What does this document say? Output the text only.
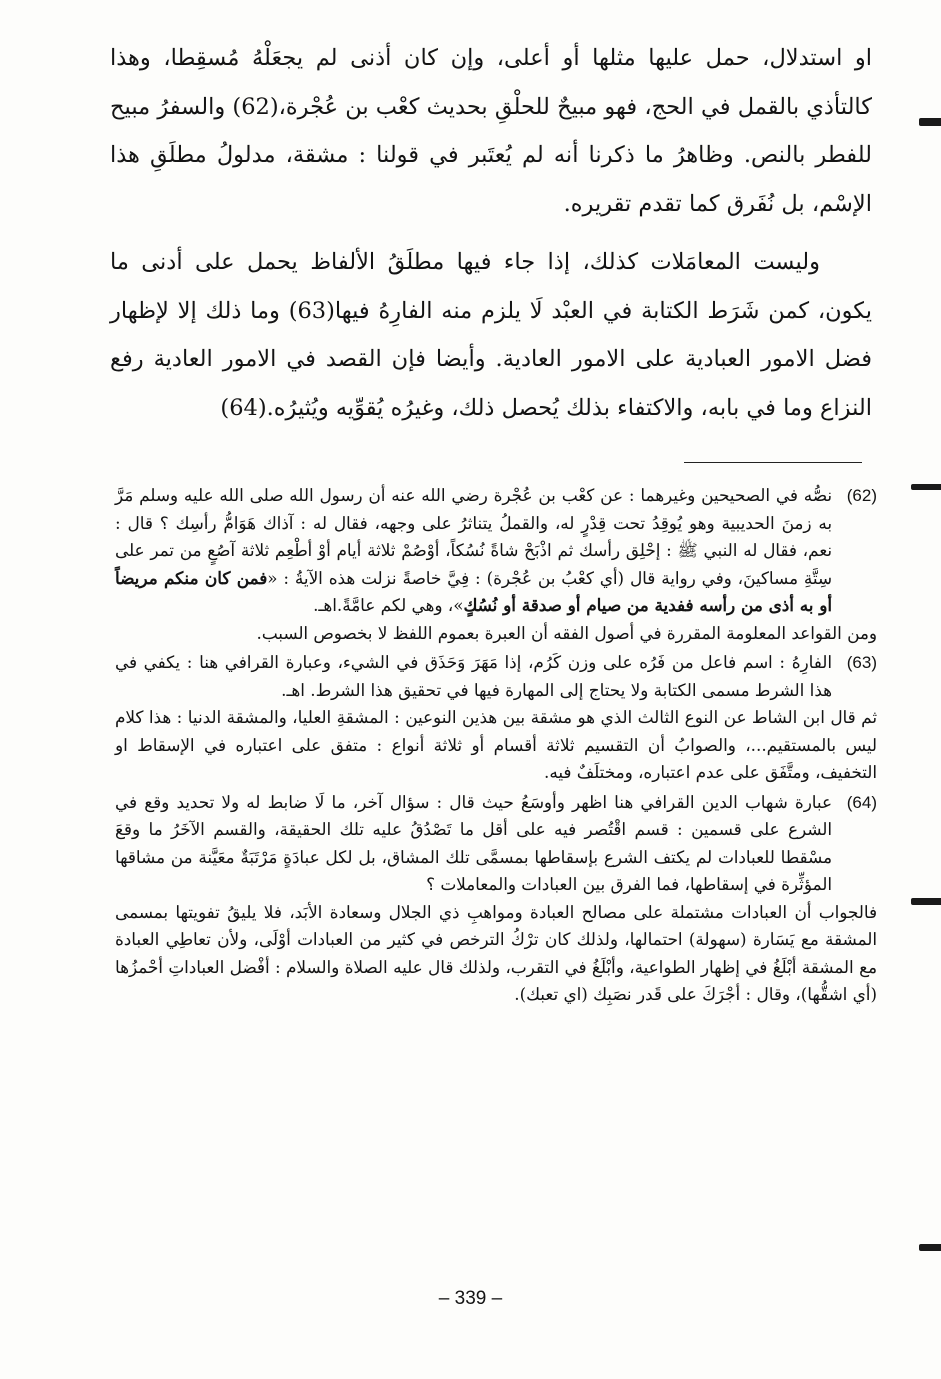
او استدلال، حمل عليها مثلها أو أعلى، وإن كان أذنى لم يجعَلْهُ مُسقِطا، وهذا كالتأذي بالقمل في الحج، فهو مبيحٌ للحلْقِ بحديث كعْب بن عُجْرة،(62) والسفرُ مبيح للفطر بالنص. وظاهرُ ما ذكرنا أنه لم يُعتَبر في قولنا : مشقة، مدلولُ مطلَقِ هذا الإسْم، بل نُفَرق كما تقدم تقريره.

وليست المعامَلات كذلك، إذا جاء فيها مطلَقُ الألفاظ يحمل على أدنى ما يكون، كمن شَرَط الكتابة في العبْد لَا يلزم منه الفارِهُ فيها(63) وما ذلك إلا لإظهار فضل الامور العبادية على الامور العادية. وأيضا فإن القصد في الامور العادية رفع النزاع وما في بابه، والاكتفاء بذلك يُحصل ذلك، وغيرُه يُقوِّيه ويُثيرُه.(64)

(62)

نصُّه في الصحيحين وغيرهما : عن كعْب بن عُجْرة رضي الله عنه أن رسول الله صلى الله عليه وسلم مَرَّ به زمنَ الحديبية وهو يُوقِدُ تحت قِدْرٍ له، والقملُ يتناثرُ على وجهه، فقال له : آذاك هَوَامُّ رأسِك ؟ قال : نعم، فقال له النبي ﷺ : إحْلِق رأسك ثم اذْبَحْ شاةً نُسُكاً، أوْصُمْ ثلاثة أيام أوْ أطْعِم ثلاثة آصُعٍ من تمر على سِتَّةِ مساكينَ، وفي رواية قال (أي كعْبُ بن عُجْرة) : فِيَّ خاصةً نزلت هذه الآيةُ : «فمن كان منكم مريضاً أو به أذى من رأسه ففدية من صيام أو صدقة أو نُسُكٍ»، وهي لكم عامَّةً.اهـ.

ومن القواعد المعلومة المقررة في أصول الفقه أن العبرة بعموم اللفظ لا بخصوص السبب.

(63)

الفارِهُ : اسم فاعل من فَرُه على وزن كَرُم، إذا مَهَرَ وَحَذَق في الشيء، وعبارة القرافي هنا : يكفي في هذا الشرط مسمى الكتابة ولا يحتاج إلى المهارة فيها في تحقيق هذا الشرط. اهـ.

ثم قال ابن الشاط عن النوع الثالث الذي هو مشقة بين هذين النوعين : المشقةِ العليا، والمشقة الدنيا : هذا كلام ليس بالمستقيم...، والصوابُ أن التقسيم ثلاثة أقسام أو ثلاثة أنواع : متفق على اعتباره في الإسقاط او التخفيف، ومتَّفَق على عدم اعتباره، ومختلَفٌ فيه.

(64)

عبارة شهاب الدين القرافي هنا اظهر وأوسَعُ حيث قال : سؤال آخر، ما لَا ضابط له ولا تحديد وقع في الشرع على قسمين : قسم اقْتُصر فيه على أقل ما تَصْدُقُ عليه تلك الحقيقة، والقسم الآخَرُ ما وقعَ مسْقطا للعبادات لم يكتف الشرع بإسقاطها بمسمَّى تلك المشاق، بل لكل عبادَةٍ مَرْتَبَةٌ معَيَّنة من مشاقها المؤثِّرة في إسقاطها، فما الفرق بين العبادات والمعاملات ؟

فالجواب أن العبادات مشتملة على مصالح العبادة ومواهبِ ذي الجلال وسعادة الأبَد، فلا يليقُ تفويتها بمسمى المشقة مع يَسَارة (سهولة) احتمالها، ولذلك كان ترْكُ الترخص في كثير من العبادات أوْلَى، ولأن تعاطِي العبادة مع المشقة أبْلَغُ في إظهار الطواعية، وأبْلَغُ في التقرب، ولذلك قال عليه الصلاة والسلام : أفْضل العباداتِ أحْمزُها (أي اشقُّها)، وقال : أجْرَكَ على قَدر نصَبِك (اي تعبك).

– 339 –
